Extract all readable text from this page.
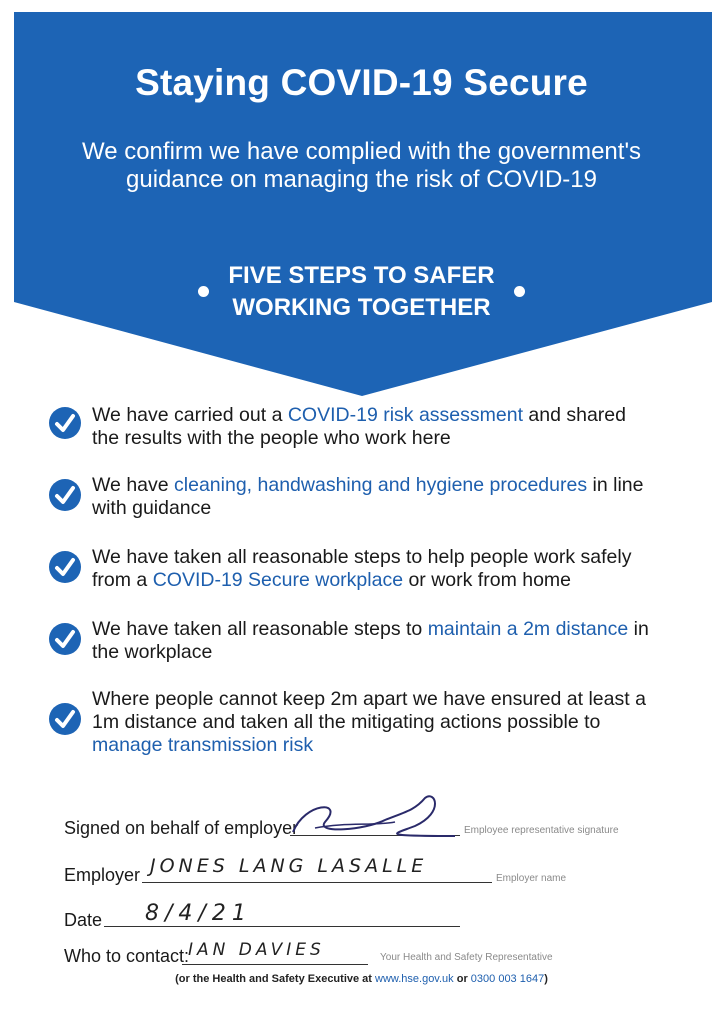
Staying COVID-19 Secure
We confirm we have complied with the government's
guidance on managing the risk of COVID-19
FIVE STEPS TO SAFER
WORKING TOGETHER
We have carried out a COVID-19 risk assessment and shared
the results with the people who work here
We have cleaning, handwashing and hygiene procedures in line
with guidance
We have taken all reasonable steps to help people work safely
from a COVID-19 Secure workplace or work from home
We have taken all reasonable steps to maintain a 2m distance in
the workplace
Where people cannot keep 2m apart we have ensured at least a
1m distance and taken all the mitigating actions possible to
manage transmission risk
Signed on behalf of employer	Employee representative signature
Employer JONES LANG LASALLE
Employer name
Date 8/4/21
Who to contact:
IAN DAVIES	Your Health and Safety Representative
(or the Health and Safety Executive at www.hse.gov.uk or 0300 003 1647)
